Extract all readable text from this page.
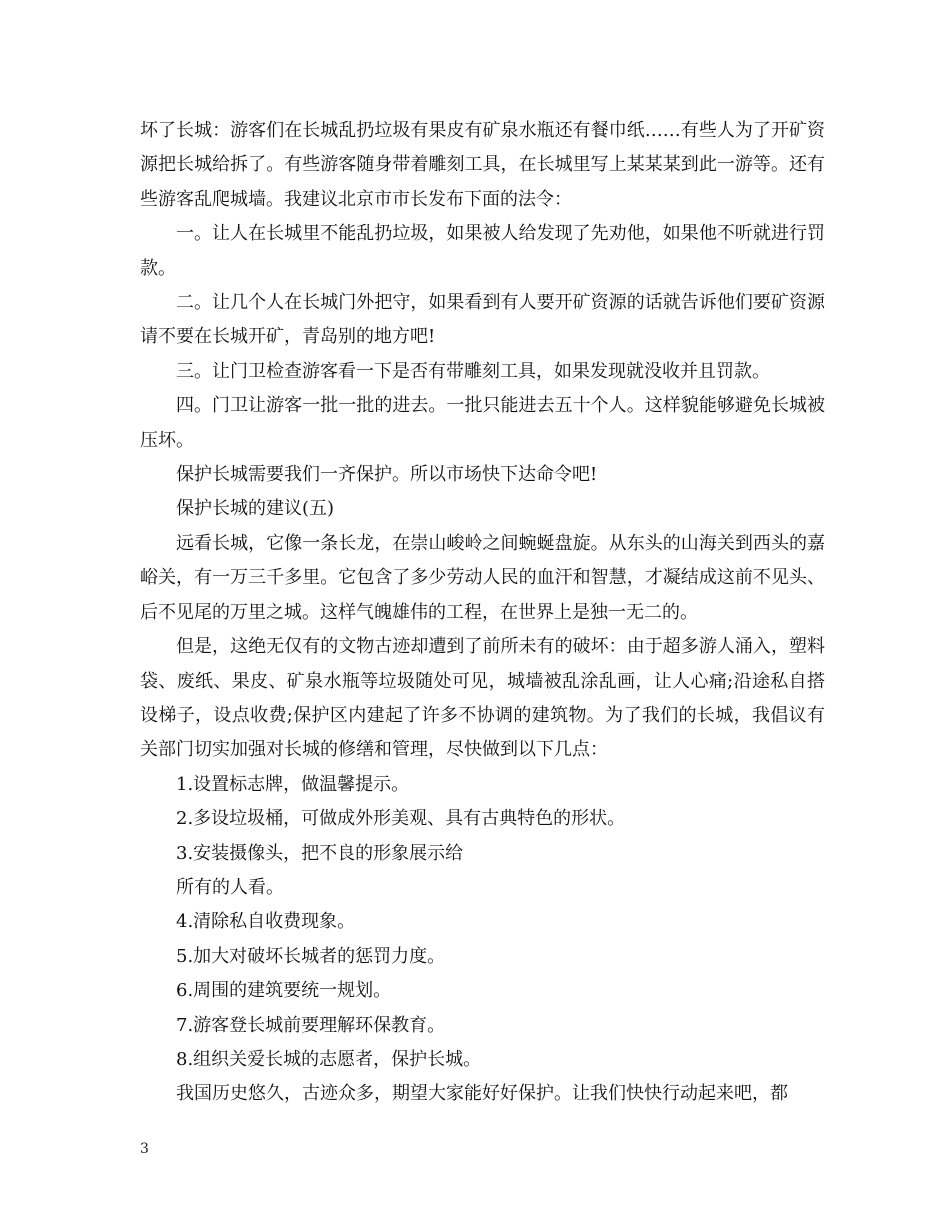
坏了长城：游客们在长城乱扔垃圾有果皮有矿泉水瓶还有餐巾纸……有些人为了开矿资源把长城给拆了。有些游客随身带着雕刻工具，在长城里写上某某某到此一游等。还有些游客乱爬城墙。我建议北京市市长发布下面的法令：

一。让人在长城里不能乱扔垃圾，如果被人给发现了先劝他，如果他不听就进行罚款。

二。让几个人在长城门外把守，如果看到有人要开矿资源的话就告诉他们要矿资源请不要在长城开矿，青岛别的地方吧!

三。让门卫检查游客看一下是否有带雕刻工具，如果发现就没收并且罚款。

四。门卫让游客一批一批的进去。一批只能进去五十个人。这样貌能够避免长城被压坏。

保护长城需要我们一齐保护。所以市场快下达命令吧!

保护长城的建议(五)

远看长城，它像一条长龙，在崇山峻岭之间蜿蜒盘旋。从东头的山海关到西头的嘉峪关，有一万三千多里。它包含了多少劳动人民的血汗和智慧，才凝结成这前不见头、后不见尾的万里之城。这样气魄雄伟的工程，在世界上是独一无二的。

但是，这绝无仅有的文物古迹却遭到了前所未有的破坏：由于超多游人涌入，塑料袋、废纸、果皮、矿泉水瓶等垃圾随处可见，城墙被乱涂乱画，让人心痛;沿途私自搭设梯子，设点收费;保护区内建起了许多不协调的建筑物。为了我们的长城，我倡议有关部门切实加强对长城的修缮和管理，尽快做到以下几点：

1.设置标志牌，做温馨提示。

2.多设垃圾桶，可做成外形美观、具有古典特色的形状。

3.安装摄像头，把不良的形象展示给

所有的人看。

4.清除私自收费现象。

5.加大对破坏长城者的惩罚力度。

6.周围的建筑要统一规划。

7.游客登长城前要理解环保教育。

8.组织关爱长城的志愿者，保护长城。

我国历史悠久，古迹众多，期望大家能好好保护。让我们快快行动起来吧，都

3
